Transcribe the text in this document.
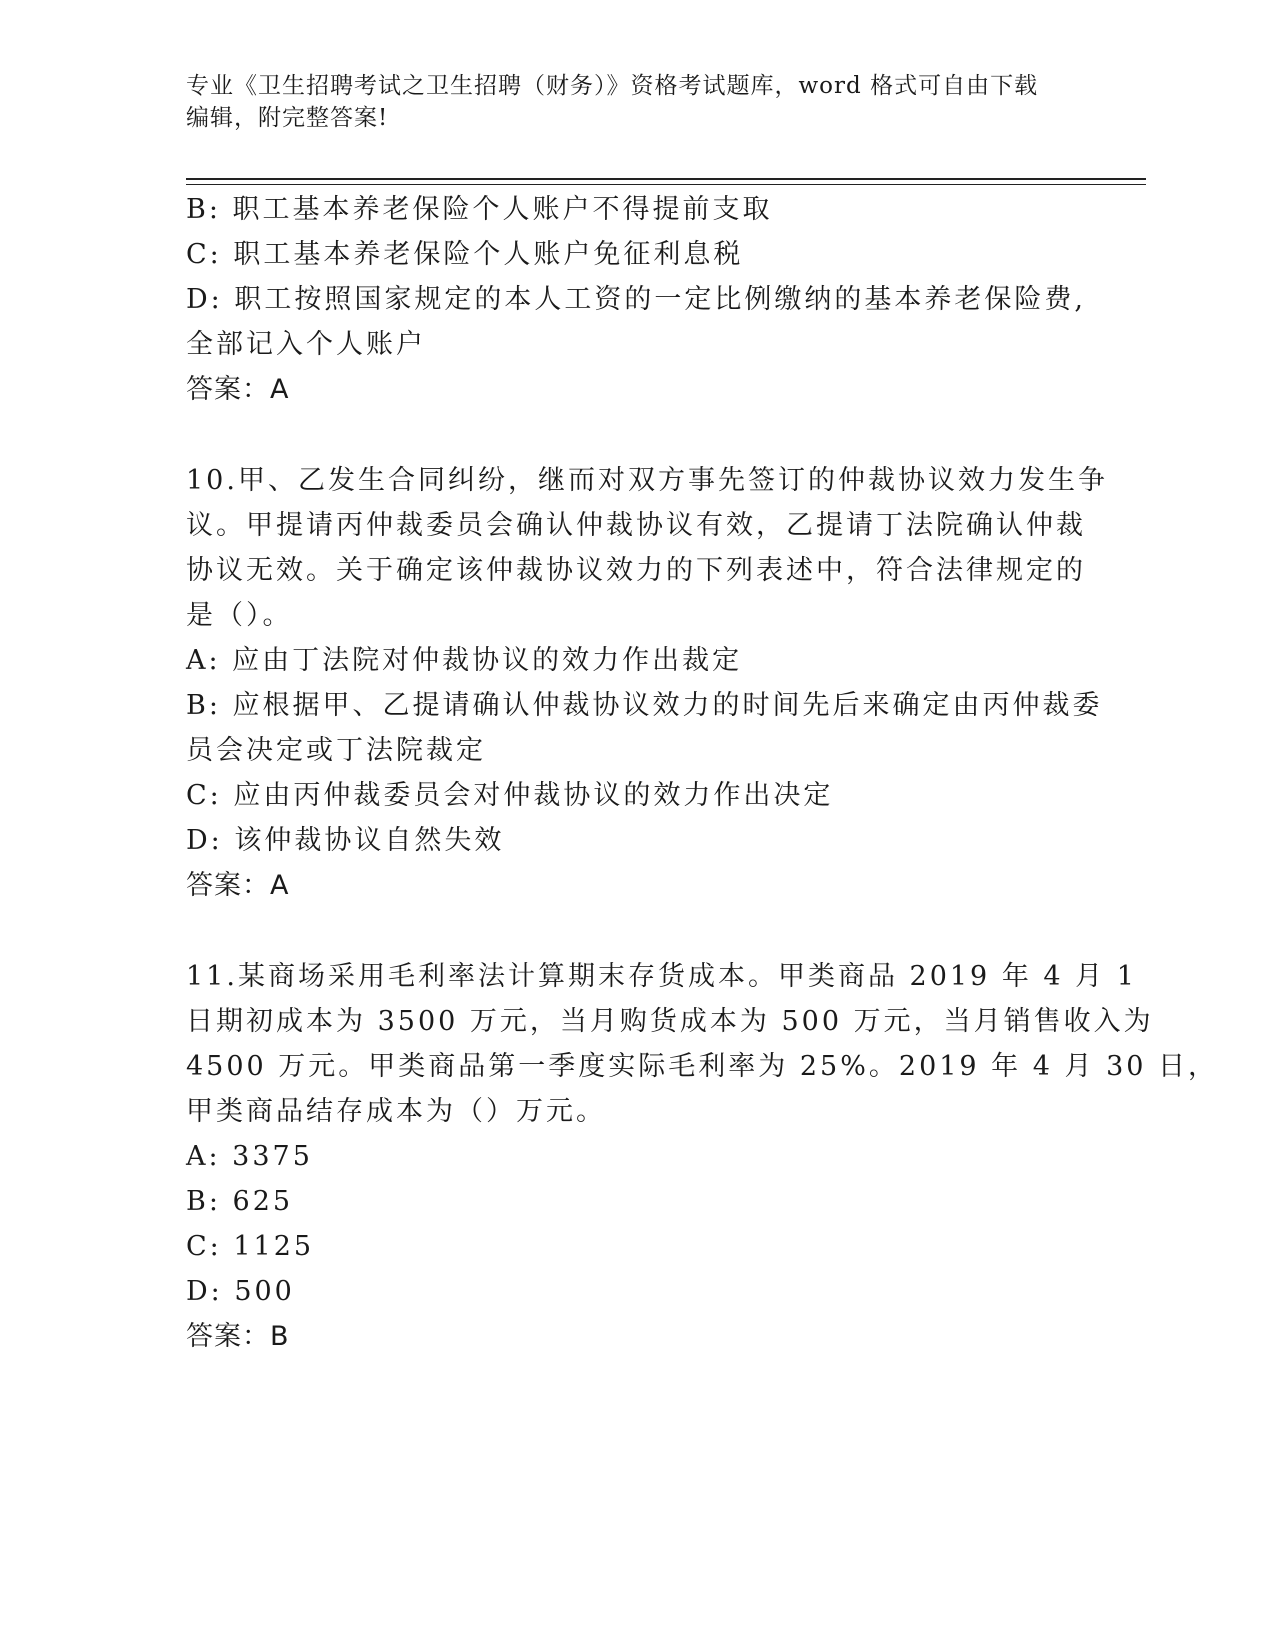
专业《卫生招聘考试之卫生招聘（财务）》资格考试题库，word 格式可自由下载
编辑，附完整答案!
B: 职工基本养老保险个人账户不得提前支取
C: 职工基本养老保险个人账户免征利息税
D: 职工按照国家规定的本人工资的一定比例缴纳的基本养老保险费,
全部记入个人账户
答案：A
10.甲、乙发生合同纠纷，继而对双方事先签订的仲裁协议效力发生争
议。甲提请丙仲裁委员会确认仲裁协议有效，乙提请丁法院确认仲裁
协议无效。关于确定该仲裁协议效力的下列表述中，符合法律规定的
是（）。
A: 应由丁法院对仲裁协议的效力作出裁定
B: 应根据甲、乙提请确认仲裁协议效力的时间先后来确定由丙仲裁委
员会决定或丁法院裁定
C: 应由丙仲裁委员会对仲裁协议的效力作出决定
D: 该仲裁协议自然失效
答案：A
11.某商场采用毛利率法计算期末存货成本。甲类商品 2019 年 4 月 1
日期初成本为 3500 万元，当月购货成本为 500 万元，当月销售收入为
4500 万元。甲类商品第一季度实际毛利率为 25%。2019 年 4 月 30 日，
甲类商品结存成本为（）万元。
A: 3375
B: 625
C: 1125
D: 500
答案：B
